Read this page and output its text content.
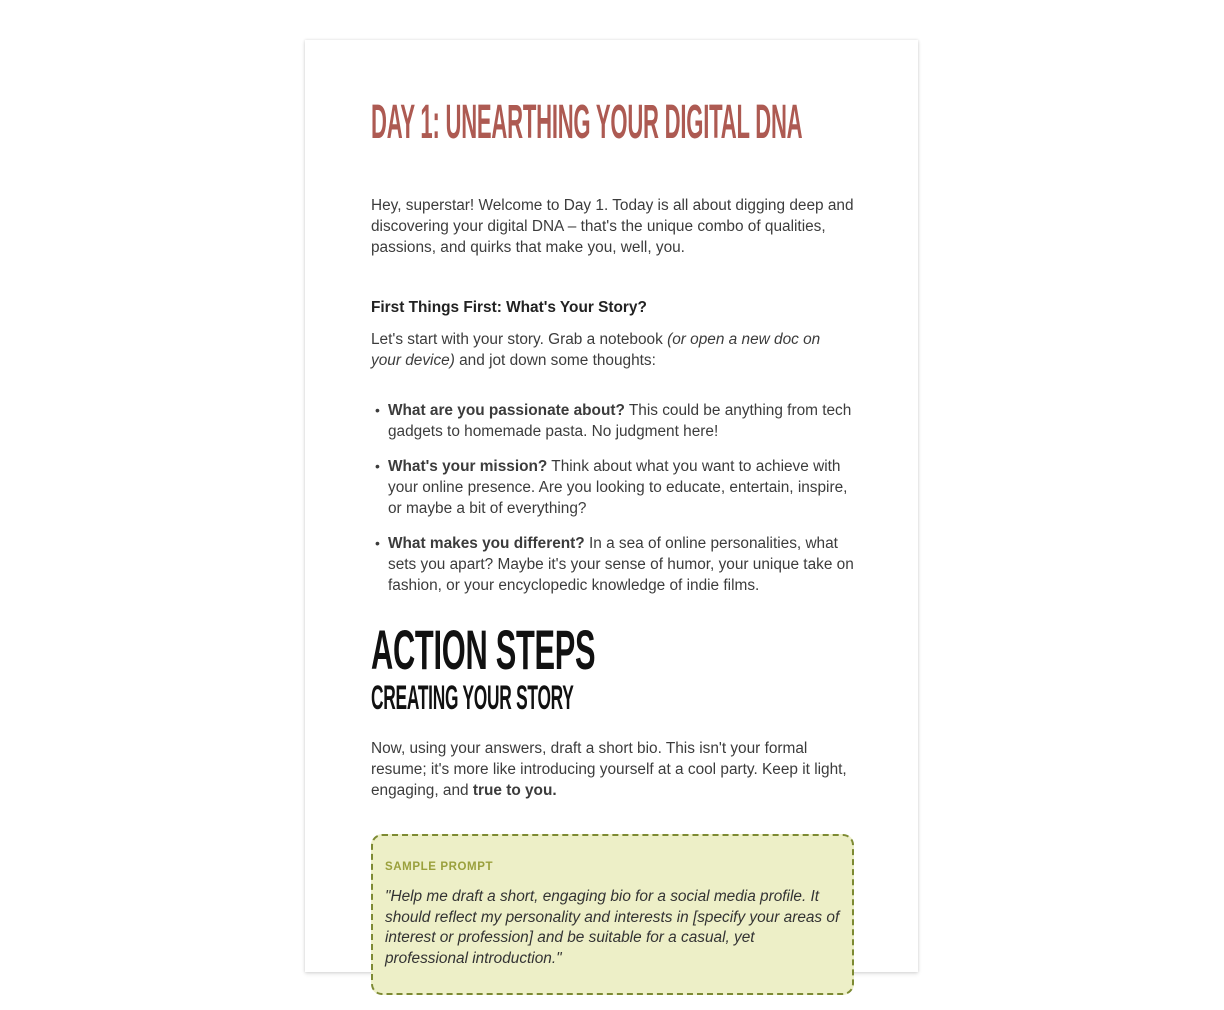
DAY 1: UNEARTHING YOUR DIGITAL DNA

Hey, superstar! Welcome to Day 1. Today is all about digging deep and discovering your digital DNA – that's the unique combo of qualities, passions, and quirks that make you, well, you.

First Things First: What's Your Story?

Let's start with your story. Grab a notebook (or open a new doc on your device) and jot down some thoughts:

• What are you passionate about? This could be anything from tech gadgets to homemade pasta. No judgment here!
• What's your mission? Think about what you want to achieve with your online presence. Are you looking to educate, entertain, inspire, or maybe a bit of everything?
• What makes you different? In a sea of online personalities, what sets you apart? Maybe it's your sense of humor, your unique take on fashion, or your encyclopedic knowledge of indie films.
ACTION STEPS
CREATING YOUR STORY

Now, using your answers, draft a short bio. This isn't your formal resume; it's more like introducing yourself at a cool party. Keep it light, engaging, and true to you.

SAMPLE PROMPT
"Help me draft a short, engaging bio for a social media profile. It should reflect my personality and interests in [specify your areas of interest or profession] and be suitable for a casual, yet professional introduction."
